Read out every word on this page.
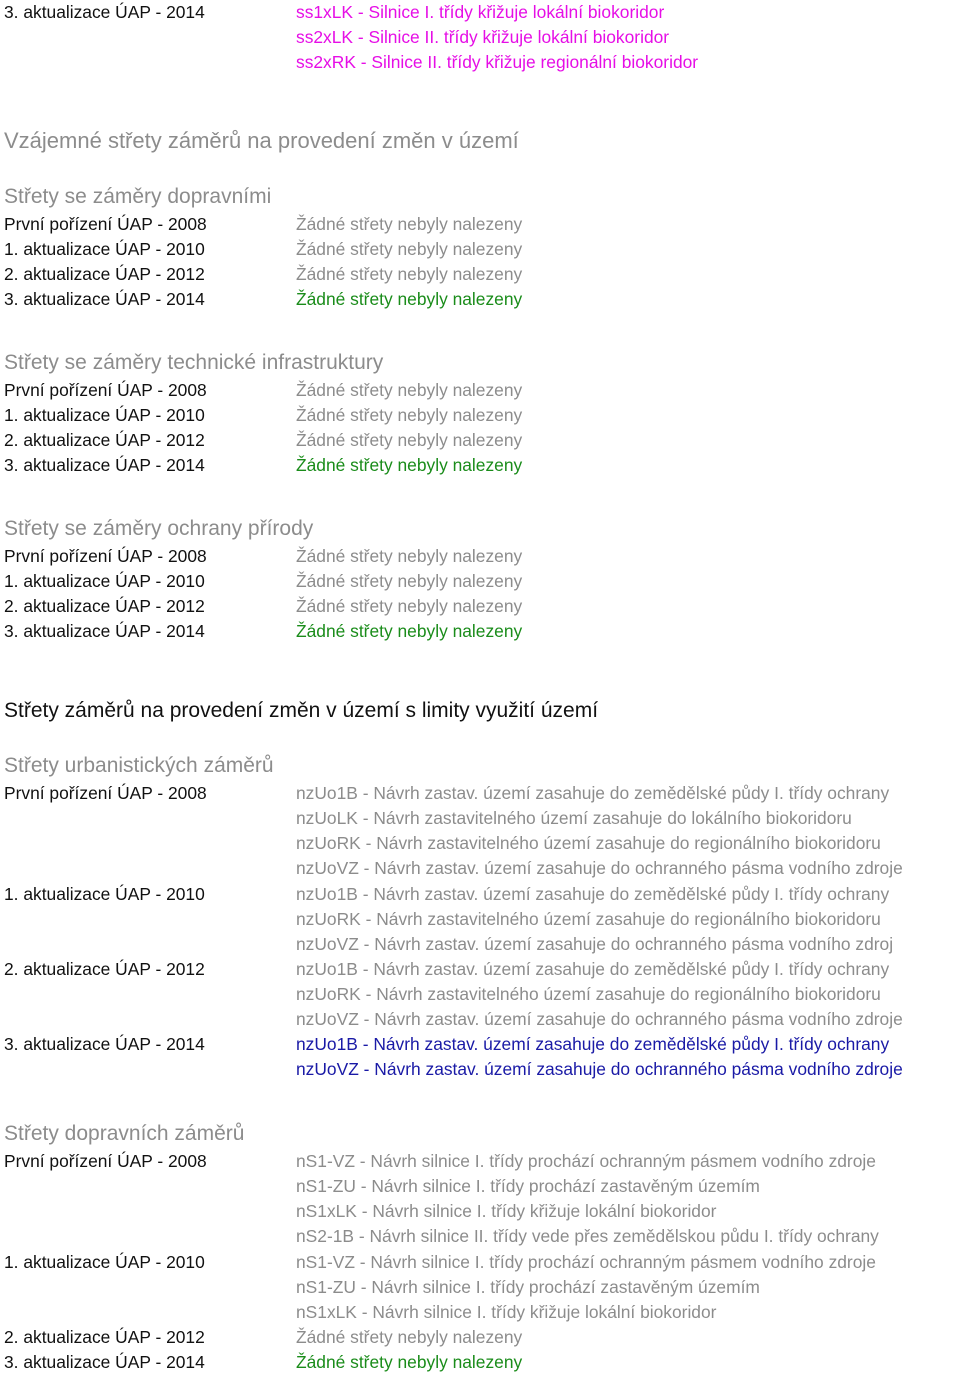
3. aktualizace ÚAP - 2014	ss1xLK - Silnice I. třídy křižuje lokální biokoridor
ss2xLK - Silnice II. třídy křižuje lokální biokoridor
ss2xRK - Silnice II. třídy křižuje regionální biokoridor
Vzájemné střety záměrů na provedení změn v území
Střety se záměry dopravními
První pořízení ÚAP - 2008	Žádné střety nebyly nalezeny
1. aktualizace ÚAP - 2010	Žádné střety nebyly nalezeny
2. aktualizace ÚAP - 2012	Žádné střety nebyly nalezeny
3. aktualizace ÚAP - 2014	Žádné střety nebyly nalezeny
Střety se záměry technické infrastruktury
První pořízení ÚAP - 2008	Žádné střety nebyly nalezeny
1. aktualizace ÚAP - 2010	Žádné střety nebyly nalezeny
2. aktualizace ÚAP - 2012	Žádné střety nebyly nalezeny
3. aktualizace ÚAP - 2014	Žádné střety nebyly nalezeny
Střety se záměry ochrany přírody
První pořízení ÚAP - 2008	Žádné střety nebyly nalezeny
1. aktualizace ÚAP - 2010	Žádné střety nebyly nalezeny
2. aktualizace ÚAP - 2012	Žádné střety nebyly nalezeny
3. aktualizace ÚAP - 2014	Žádné střety nebyly nalezeny
Střety záměrů na provedení změn v území s limity využití území
Střety urbanistických záměrů
První pořízení ÚAP - 2008	nzUo1B - Návrh zastav. území zasahuje do zemědělské půdy I. třídy ochrany
nzUoLK - Návrh zastavitelného území zasahuje do lokálního biokoridoru
nzUoRK - Návrh zastavitelného území zasahuje do regionálního biokoridoru
nzUoVZ - Návrh zastav. území zasahuje do ochranného pásma vodního zdroje
1. aktualizace ÚAP - 2010	nzUo1B - Návrh zastav. území zasahuje do zemědělské půdy I. třídy ochrany
nzUoRK - Návrh zastavitelného území zasahuje do regionálního biokoridoru
nzUoVZ - Návrh zastav. území zasahuje do ochranného pásma vodního zdroj
2. aktualizace ÚAP - 2012	nzUo1B - Návrh zastav. území zasahuje do zemědělské půdy I. třídy ochrany
nzUoRK - Návrh zastavitelného území zasahuje do regionálního biokoridoru
nzUoVZ - Návrh zastav. území zasahuje do ochranného pásma vodního zdroje
3. aktualizace ÚAP - 2014	nzUo1B - Návrh zastav. území zasahuje do zemědělské půdy I. třídy ochrany
nzUoVZ - Návrh zastav. území zasahuje do ochranného pásma vodního zdroje
Střety dopravních záměrů
První pořízení ÚAP - 2008	nS1-VZ - Návrh silnice I. třídy prochází ochranným pásmem vodního zdroje
nS1-ZU - Návrh silnice I. třídy prochází zastavěným územím
nS1xLK - Návrh silnice I. třídy křižuje lokální biokoridor
nS2-1B - Návrh silnice II. třídy vede přes zemědělskou půdu I. třídy ochrany
1. aktualizace ÚAP - 2010	nS1-VZ - Návrh silnice I. třídy prochází ochranným pásmem vodního zdroje
nS1-ZU - Návrh silnice I. třídy prochází zastavěným územím
nS1xLK - Návrh silnice I. třídy křižuje lokální biokoridor
2. aktualizace ÚAP - 2012	Žádné střety nebyly nalezeny
3. aktualizace ÚAP - 2014	Žádné střety nebyly nalezeny
